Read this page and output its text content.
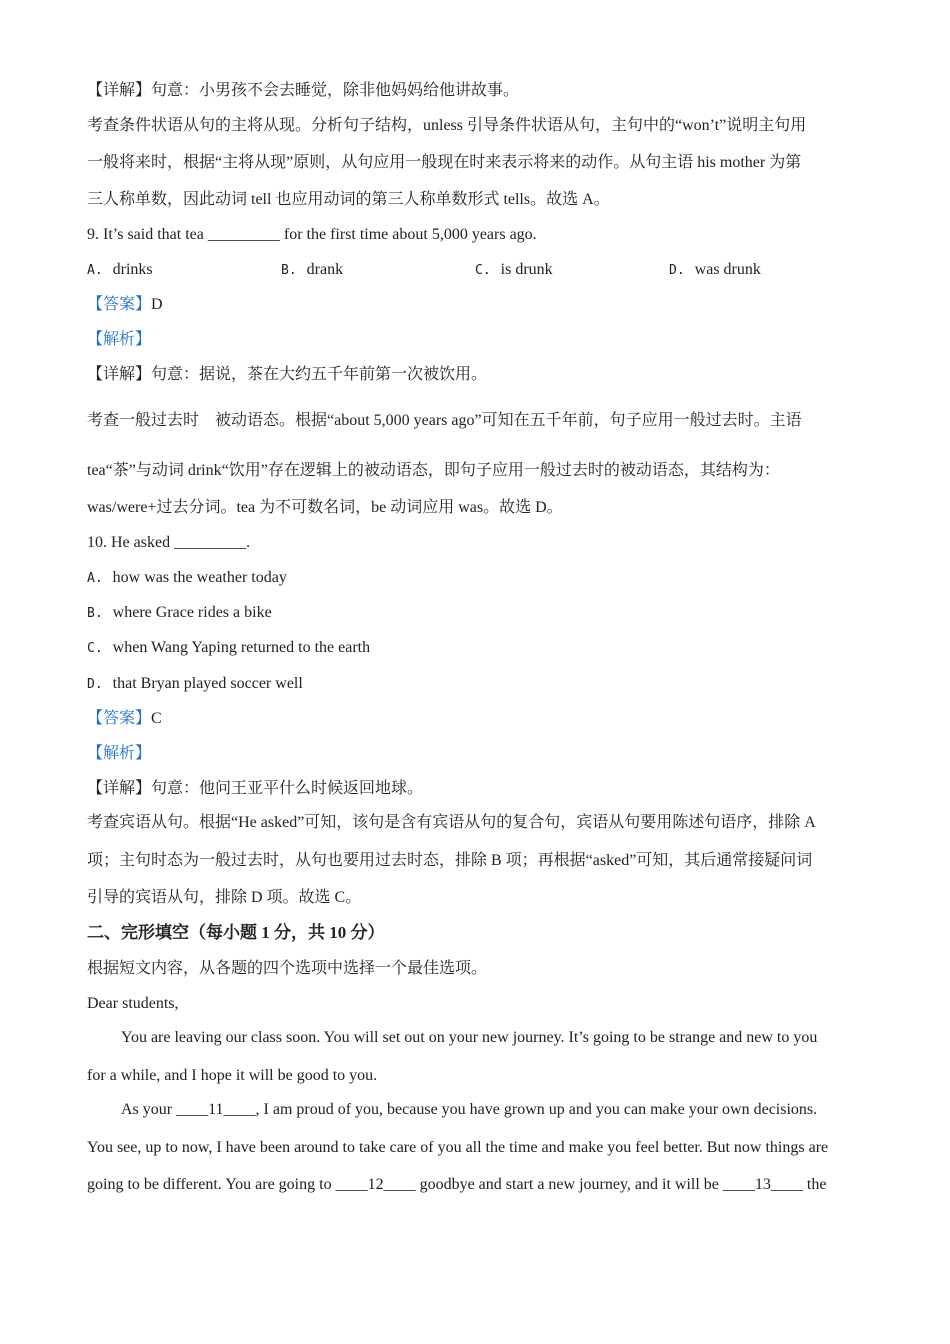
【详解】句意：小男孩不会去睡觉，除非他妈妈给他讲故事。
考查条件状语从句的主将从现。分析句子结构，unless 引导条件状语从句，主句中的“won’t”说明主句用
一般将来时，根据“主将从现”原则，从句应用一般现在时来表示将来的动作。从句主语 his mother 为第
三人称单数，因此动词 tell 也应用动词的第三人称单数形式 tells。故选 A。
9. It’s said that tea _________ for the first time about 5,000 years ago.
A. drinks	B. drank	C. is drunk	D. was drunk
【答案】D
【解析】
【详解】句意：据说，茶在大约五千年前第一次被饮用。
考查一般过去时　被动语态。根据“about 5,000 years ago”可知在五千年前，句子应用一般过去时。主语
tea“茶”与动词 drink“饮用”存在逻辑上的被动语态，即句子应用一般过去时的被动语态，其结构为：
was/were+过去分词。tea 为不可数名词，be 动词应用 was。故选 D。
10. He asked _________.
A. how was the weather today
B. where Grace rides a bike
C. when Wang Yaping returned to the earth
D. that Bryan played soccer well
【答案】C
【解析】
【详解】句意：他问王亚平什么时候返回地球。
考查宾语从句。根据“He asked”可知，该句是含有宾语从句的复合句，宾语从句要用陈述句语序，排除 A
项；主句时态为一般过去时，从句也要用过去时态，排除 B 项；再根据“asked”可知，其后通常接疑问词
引导的宾语从句，排除 D 项。故选 C。
二、完形填空（每小题 1 分，共 10 分）
根据短文内容，从各题的四个选项中选择一个最佳选项。
Dear students,
You are leaving our class soon. You will set out on your new journey. It’s going to be strange and new to you
for a while, and I hope it will be good to you.
As your ____11____, I am proud of you, because you have grown up and you can make your own decisions.
You see, up to now, I have been around to take care of you all the time and make you feel better. But now things are
going to be different. You are going to ____12____ goodbye and start a new journey, and it will be ____13____ the
